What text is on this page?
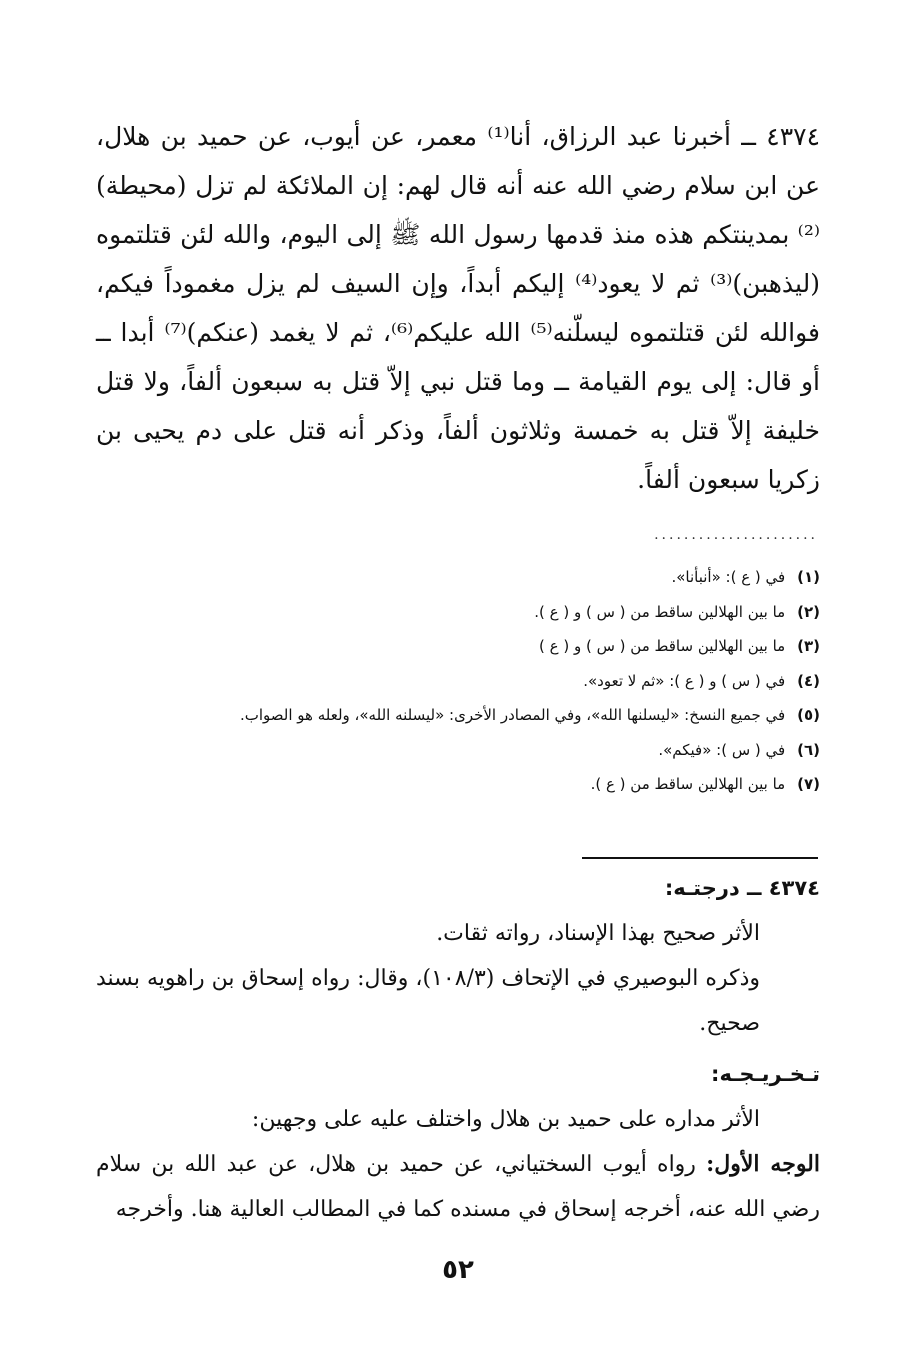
٤٣٧٤ ــ أخبرنا عبد الرزاق، أنا⁽¹⁾ معمر، عن أيوب، عن حميد بن هلال، عن ابن سلام رضي الله عنه أنه قال لهم: إن الملائكة لم تزل (محيطة)⁽²⁾ بمدينتكم هذه منذ قدمها رسول الله ﷺ إلى اليوم، والله لئن قتلتموه (ليذهبن)⁽³⁾ ثم لا يعود⁽⁴⁾ إليكم أبداً، وإن السيف لم يزل مغموداً فيكم، فوالله لئن قتلتموه ليسلّنه⁽⁵⁾ الله عليكم⁽⁶⁾، ثم لا يغمد (عنكم)⁽⁷⁾ أبدا ــ أو قال: إلى يوم القيامة ــ وما قتل نبي إلاّ قتل به سبعون ألفاً، ولا قتل خليفة إلاّ قتل به خمسة وثلاثون ألفاً، وذكر أنه قتل على دم يحيى بن زكريا سبعون ألفاً.
......................
(١) في ( ع ): «أنبأنا».
(٢) ما بين الهلالين ساقط من ( س ) و ( ع ).
(٣) ما بين الهلالين ساقط من ( س ) و ( ع )
(٤) في ( س ) و ( ع ): «ثم لا تعود».
(٥) في جميع النسخ: «ليسلنها الله»، وفي المصادر الأخرى: «ليسلنه الله»، ولعله هو الصواب.
(٦) في ( س ): «فيكم».
(٧) ما بين الهلالين ساقط من ( ع ).
٤٣٧٤ ــ درجتـه:
الأثر صحيح بهذا الإسناد، رواته ثقات.
وذكره البوصيري في الإتحاف (١٠٨/٣)، وقال: رواه إسحاق بن راهويه بسند صحيح.
تـخـريـجـه:
الأثر مداره على حميد بن هلال واختلف عليه على وجهين:
الوجه الأول: رواه أيوب السختياني، عن حميد بن هلال، عن عبد الله بن سلام رضي الله عنه، أخرجه إسحاق في مسنده كما في المطالب العالية هنا. وأخرجه
٥٢
